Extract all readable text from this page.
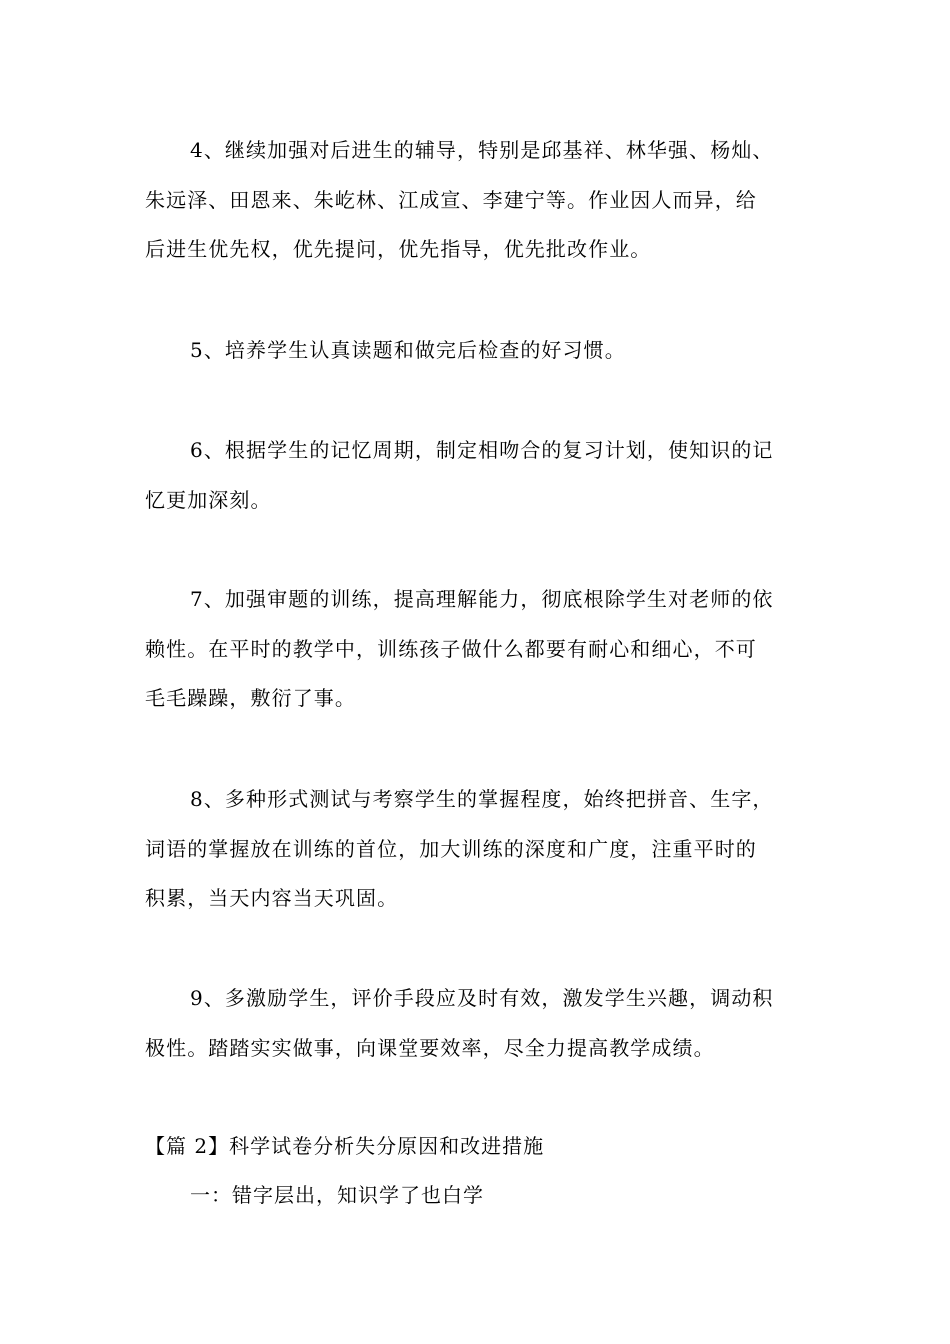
4、继续加强对后进生的辅导，特别是邱基祥、林华强、杨灿、
朱远泽、田恩来、朱屹林、江成宣、李建宁等。作业因人而异，给
后进生优先权，优先提问，优先指导，优先批改作业。

5、培养学生认真读题和做完后检查的好习惯。

6、根据学生的记忆周期，制定相吻合的复习计划，使知识的记
忆更加深刻。

7、加强审题的训练，提高理解能力，彻底根除学生对老师的依
赖性。在平时的教学中，训练孩子做什么都要有耐心和细心，不可
毛毛躁躁，敷衍了事。

8、多种形式测试与考察学生的掌握程度，始终把拼音、生字，
词语的掌握放在训练的首位，加大训练的深度和广度，注重平时的
积累，当天内容当天巩固。

9、多激励学生，评价手段应及时有效，激发学生兴趣，调动积
极性。踏踏实实做事，向课堂要效率，尽全力提高教学成绩。

【篇 2】科学试卷分析失分原因和改进措施

一：错字层出，知识学了也白学
